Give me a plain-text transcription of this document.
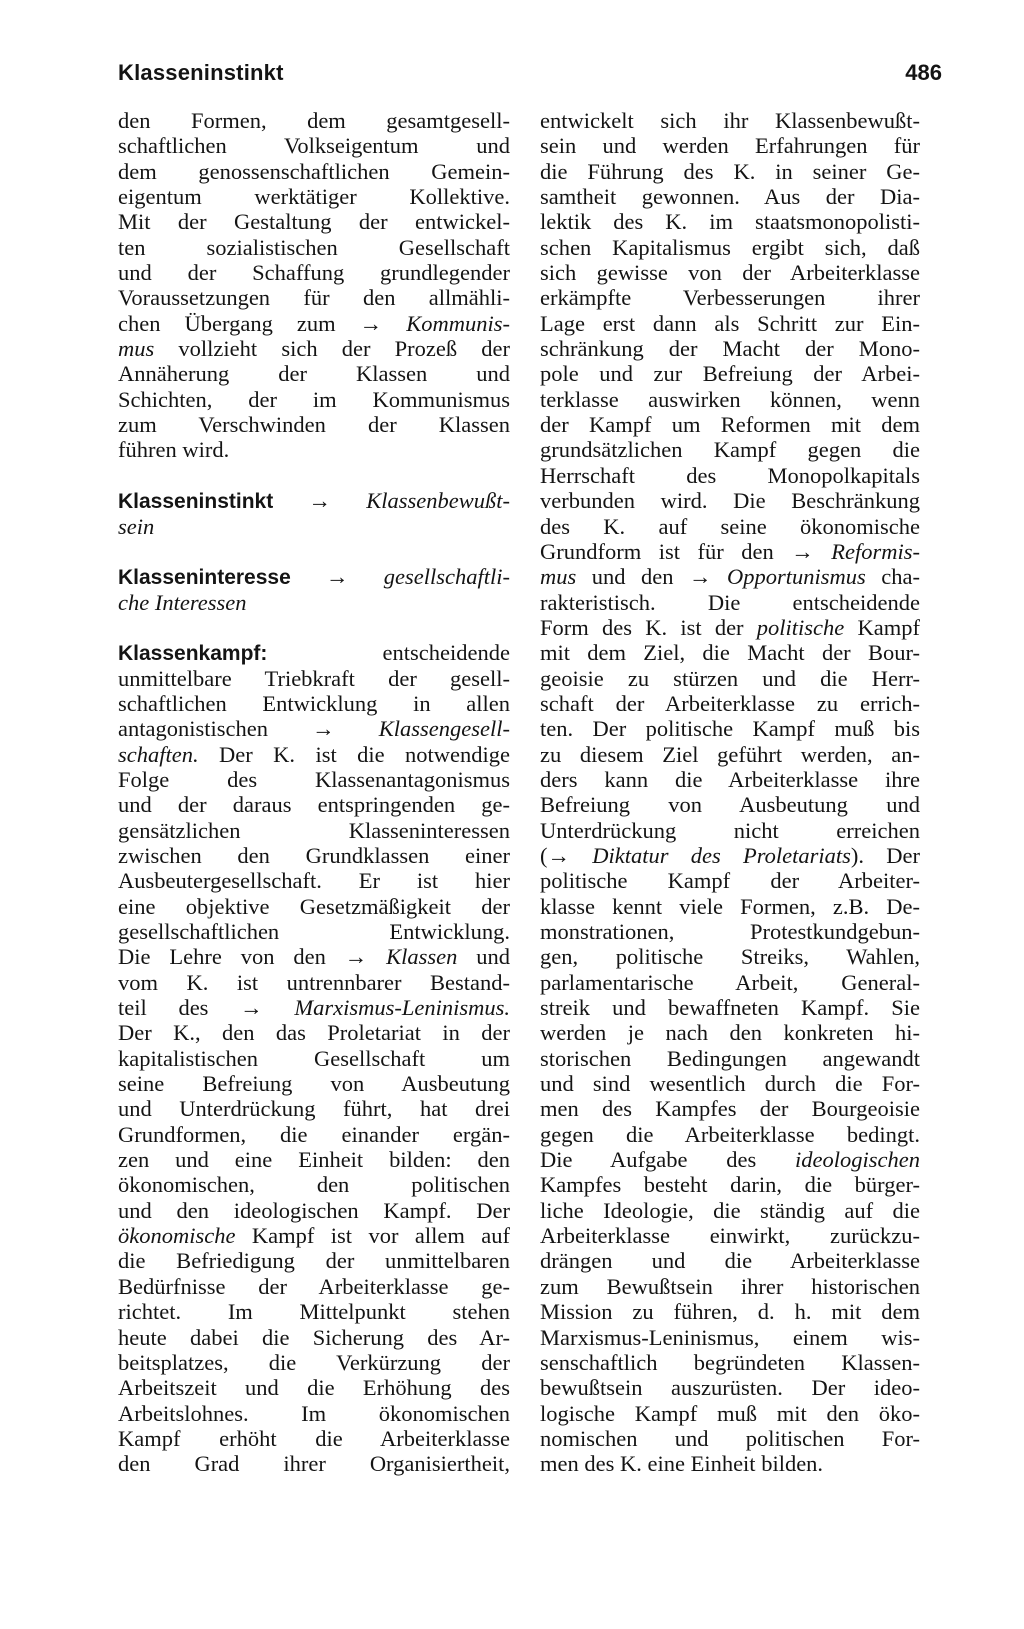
Klasseninstinkt	486
den Formen, dem gesamtgesell-
schaftlichen Volkseigentum und
dem genossenschaftlichen Gemein-
eigentum werktätiger Kollektive.
Mit der Gestaltung der entwickel-
ten sozialistischen Gesellschaft
und der Schaffung grundlegender
Voraussetzungen für den allmähli-
chen Übergang zum → Kommunis-
mus vollzieht sich der Prozeß der
Annäherung der Klassen und
Schichten, der im Kommunismus
zum Verschwinden der Klassen
führen wird.
Klasseninstinkt → Klassenbewußt-
sein
Klasseninteresse → gesellschaftli-
che Interessen
Klassenkampf: entscheidende
unmittelbare Triebkraft der gesell-
schaftlichen Entwicklung in allen
antagonistischen → Klassengesell-
schaften. Der K. ist die notwendige
Folge des Klassenantagonismus
und der daraus entspringenden ge-
gensätzlichen Klasseninteressen
zwischen den Grundklassen einer
Ausbeutergesellschaft. Er ist hier
eine objektive Gesetzmäßigkeit der
gesellschaftlichen Entwicklung.
Die Lehre von den → Klassen und
vom K. ist untrennbarer Bestand-
teil des → Marxismus-Leninismus.
Der K., den das Proletariat in der
kapitalistischen Gesellschaft um
seine Befreiung von Ausbeutung
und Unterdrückung führt, hat drei
Grundformen, die einander ergän-
zen und eine Einheit bilden: den
ökonomischen, den politischen
und den ideologischen Kampf. Der
ökonomische Kampf ist vor allem auf
die Befriedigung der unmittelbaren
Bedürfnisse der Arbeiterklasse ge-
richtet. Im Mittelpunkt stehen
heute dabei die Sicherung des Ar-
beitsplatzes, die Verkürzung der
Arbeitszeit und die Erhöhung des
Arbeitslohnes. Im ökonomischen
Kampf erhöht die Arbeiterklasse
den Grad ihrer Organisiertheit,
entwickelt sich ihr Klassenbewußt-
sein und werden Erfahrungen für
die Führung des K. in seiner Ge-
samtheit gewonnen. Aus der Dia-
lektik des K. im staatsmonopolisti-
schen Kapitalismus ergibt sich, daß
sich gewisse von der Arbeiterklasse
erkämpfte Verbesserungen ihrer
Lage erst dann als Schritt zur Ein-
schränkung der Macht der Mono-
pole und zur Befreiung der Arbei-
terklasse auswirken können, wenn
der Kampf um Reformen mit dem
grundsätzlichen Kampf gegen die
Herrschaft des Monopolkapitals
verbunden wird. Die Beschränkung
des K. auf seine ökonomische
Grundform ist für den → Reformis-
mus und den → Opportunismus cha-
rakteristisch. Die entscheidende
Form des K. ist der politische Kampf
mit dem Ziel, die Macht der Bour-
geoisie zu stürzen und die Herr-
schaft der Arbeiterklasse zu errich-
ten. Der politische Kampf muß bis
zu diesem Ziel geführt werden, an-
ders kann die Arbeiterklasse ihre
Befreiung von Ausbeutung und
Unterdrückung nicht erreichen
(→ Diktatur des Proletariats). Der
politische Kampf der Arbeiter-
klasse kennt viele Formen, z.B. De-
monstrationen, Protestkundgebun-
gen, politische Streiks, Wahlen,
parlamentarische Arbeit, General-
streik und bewaffneten Kampf. Sie
werden je nach den konkreten hi-
storischen Bedingungen angewandt
und sind wesentlich durch die For-
men des Kampfes der Bourgeoisie
gegen die Arbeiterklasse bedingt.
Die Aufgabe des ideologischen
Kampfes besteht darin, die bürger-
liche Ideologie, die ständig auf die
Arbeiterklasse einwirkt, zurückzu-
drängen und die Arbeiterklasse
zum Bewußtsein ihrer historischen
Mission zu führen, d. h. mit dem
Marxismus-Leninismus, einem wis-
senschaftlich begründeten Klassen-
bewußtsein auszurüsten. Der ideo-
logische Kampf muß mit den öko-
nomischen und politischen For-
men des K. eine Einheit bilden.
